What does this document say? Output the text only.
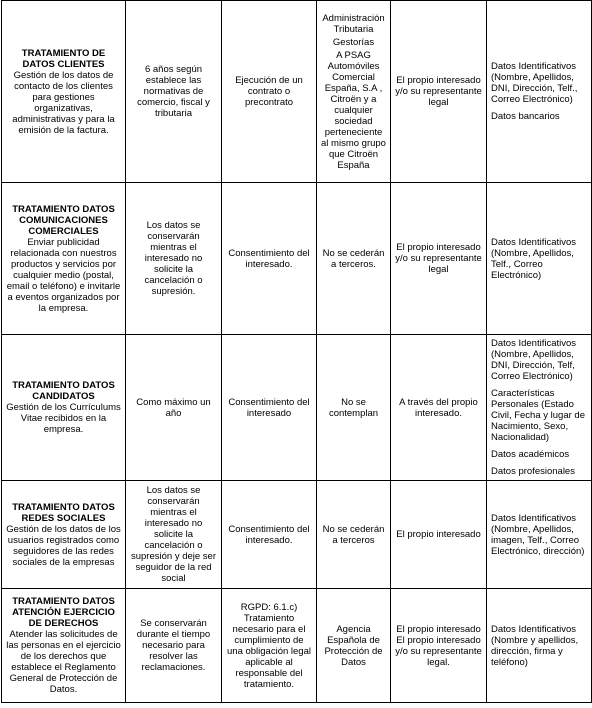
TRATAMIENTO DE DATOS CLIENTES
Gestión de los datos de contacto de los clientes para gestiones organizativas, administrativas y para la emisión de la factura.	6 años según establece las normativas de comercio, fiscal y tributaria	Ejecución de un contrato o precontrato	Administración Tributaria
Gestorías
A PSAG Automóviles Comercial España, S.A , Citroën y a cualquier sociedad perteneciente al mismo grupo que Citroën España	El propio interesado y/o su representante legal	Datos Identificativos (Nombre, Apellidos, DNI, Dirección, Telf., Correo Electrónico)
Datos bancarios

TRATAMIENTO DATOS COMUNICACIONES COMERCIALES
Enviar publicidad relacionada con nuestros productos y servicios por cualquier medio (postal, email o teléfono) e invitarle a eventos organizados por la empresa.	Los datos se conservarán mientras el interesado no solicite la cancelación o supresión.	Consentimiento del interesado.	No se cederán a terceros.	El propio interesado y/o su representante legal	Datos Identificativos (Nombre, Apellidos, Telf., Correo Electrónico)

TRATAMIENTO DATOS CANDIDATOS
Gestión de los Currículums Vitae recibidos en la empresa.	Como máximo un año	Consentimiento del interesado	No se contemplan	A través del propio interesado.	Datos Identificativos (Nombre, Apellidos, DNI, Dirección, Telf, Correo Electrónico)
Características Personales (Estado Civil, Fecha y lugar de Nacimiento, Sexo, Nacionalidad)
Datos académicos
Datos profesionales

TRATAMIENTO DATOS REDES SOCIALES
Gestión de los datos de los usuarios registrados como seguidores de las redes sociales de la empresas	Los datos se conservarán mientras el interesado no solicite la cancelación o supresión y deje ser seguidor de la red social	Consentimiento del interesado.	No se cederán a terceros	El propio interesado	Datos Identificativos (Nombre, Apellidos, imagen, Telf., Correo Electrónico, dirección)

TRATAMIENTO DATOS ATENCIÓN EJERCICIO DE DERECHOS
Atender las solicitudes de las personas en el ejercicio de los derechos que establece el Reglamento General de Protección de Datos.	Se conservarán durante el tiempo necesario para resolver las reclamaciones.	RGPD: 6.1.c) Tratamiento necesario para el cumplimiento de una obligación legal aplicable al responsable del tratamiento.	Agencia Española de Protección de Datos	El propio interesado El propio interesado y/o su representante legal.	Datos Identificativos (Nombre y apellidos, dirección, firma y teléfono)
